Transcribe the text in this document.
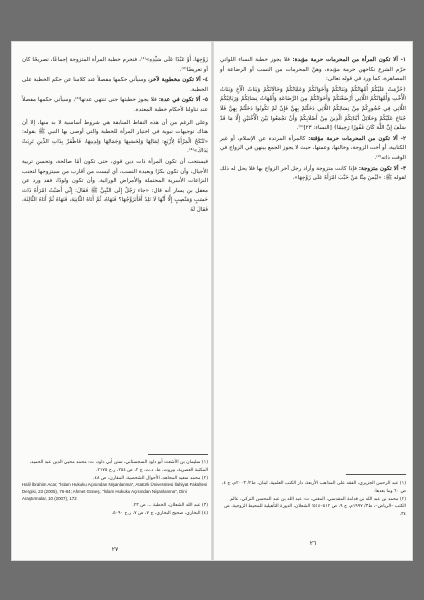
١- ألا تكون المرأة من المحرمات حرمة مؤبدة: فلا يجوز خطبة النساء اللواتي حرّم الشرع نكاحهن حرمة مؤبدة، وهنّ المحرمات من النسب أو الرضاعة أو المصاهرة، كما ورد في قوله تعالى:

﴿حُرِّمَتْ عَلَيْكُمْ أُمَّهَاتُكُمْ وَبَنَاتُكُمْ وَأَخَوَاتُكُمْ وَعَمَّاتُكُمْ وَخَالَاتُكُمْ وَبَنَاتُ الْأَخِ وَبَنَاتُ الْأُخْتِ وَأُمَّهَاتُكُمُ اللَّاتِي أَرْضَعْنَكُمْ وَأَخَوَاتُكُمْ مِنَ الرَّضَاعَةِ وَأُمَّهَاتُ نِسَائِكُمْ وَرَبَائِبُكُمُ اللَّاتِي فِي حُجُورِكُمْ مِنْ نِسَائِكُمُ اللَّاتِي دَخَلْتُمْ بِهِنَّ فَإِنْ لَمْ تَكُونُوا دَخَلْتُمْ بِهِنَّ فَلَا جُنَاحَ عَلَيْكُمْ وَحَلَائِلُ أَبْنَائِكُمُ الَّذِينَ مِنْ أَصْلَابِكُمْ وَأَنْ تَجْمَعُوا بَيْنَ الْأُخْتَيْنِ إِلَّا مَا قَدْ سَلَفَ إِنَّ اللَّهَ كَانَ غَفُورًا رَحِيمًا﴾ [النساء: ٢٣]⁽¹⁾.

٢- ألا تكون من المحرمات حرمة مؤقتة: كالمرأة المرتدة عن الإسلام، أو غير الكتابية، أو أخت الزوجة، وخالتها، وعمتها، حيث لا يجوز الجمع بينهن في الزواج في الوقت ذاته⁽²⁾.

٣- ألا تكون متزوجة: فإذا كانت متزوجة وأراد رجل آخر الزواج بها فلا يحل له ذلك لقوله ﷺ: «لَيْسَ مِنَّا مَنْ خَبَّبَ امْرَأَةً عَلَى زَوْجِهَا».

(١) عبد الرحمن الجزيري، الفقه على المذاهب الأربعة، دار الكتب العلمية، لبنان، ط٢/ ٢٠٠٣م، ج ٤، ص ٦٠ وما بعدها.
(٢) محمد بن عبد الله بن قدامة المقدسي، المغني، ت: عبد الله بن عبد المحسن التركي، عالم الكتب –الرياض–، ط٣/ ١٩٩٧م، ج ٩، ص ٥١٢–٥١٤؛ الشعلان، الدورة التأهيلية للمحيط الزوجية، ص ٣٤.
٢٦

زَوْجِهَا، أَوْ عَبْدًا عَلَى سَيِّدِهِ»⁽¹⁾، فتحرم خطبة المرأة المتزوجة إجماعًا، تصريحًا كان أو تعريضًا⁽²⁾.

٤- ألا تكون مخطوبة لآخر، وسيأتي حكمها مفصلاً عند كلامنا عن حكم الخطبة على الخطبة.

٥- ألا تكون في عدة: فلا يجوز خطبتها حتى تنتهي عدتها⁽³⁾، وسيأتي حكمها مفصلاً عند تناولنا لأحكام خطبة المعتدة.

وعلى الرغم من أن هذه النقاط السابقة هي شروط أساسية لا بد منها، إلا أن هناك توجيهات نبوية في اختيار المرأة للخطبة والتي أوصى بها النبي ﷺ بقوله: «تُنْكَحُ الْمَرْأَةُ لِأَرْبَعٍ: لِمَالِهَا وَلِحَسَبِهَا وَجَمَالِهَا وَلِدِينِهَا، فَاظْفَرْ بِذَاتِ الدِّينِ تَرِبَتْ يَدَاكَ»⁽⁴⁾.

فيستحب أن تكون المرأة ذات دين قوي، حتى تكون أمًا صالحة، وتحسن تربية الأجيال، وأن تكون بكرًا وبعيدة النسب، أي ليست من أقارب من سيتزوجها لتجنب النزاعات الأسرية المحتملة والأمراض الوراثية. وأن تكون ولودًا، فقد ورد عن معقل بن يسار أنه قال: «جاء رَجُلٌ إِلَى النَّبِيِّ ﷺ فَقَالَ: إِنِّي أَصَبْتُ امْرَأَةً ذَاتَ حَسَبٍ وَمَنْصِبٍ إِلَّا أَنَّهَا لَا تَلِدُ أَفَأَتَزَوَّجُهَا؟ فَنَهَاهُ، ثُمَّ أَتَاهُ الثَّانِيَةَ، فَنَهَاهُ ثُمَّ أَتَاهُ الثَّالِثَةَ، فَقَالَ لَهُ

(١) سليمان بن الأشعث أبو داود السجستاني، سنن أبي داود، ت: محمد محيي الدين عبد الحميد، المكتبة العصرية، بيروت، ط. د.ت، ج ٢، ص ٢٥٤، ر.ح ٢١٧٥.
(٢) محمد سعيد المجاهد، الأحوال الشخصية، المقارن، ص ٤٨.
Halil İbrahim Acar, "İslam Hukuku Açısından Nişanlanma", Atatürk Üniversitesi İlahiyat Fakültesi Dergisi, 23 (2005), 76-84; Ahmet Güneş, "İslam Hukuku Açısından Nişanlanma", Dini Araştırmalar, 10 (2007), 172
(٣) عبد الله الشعلان، الخطبة ... ص ٢٣.
(٤) البخاري، صحيح البخاري، ج ٧، ص ٧، ر.ح ٥٠٩٠.
٢٧
